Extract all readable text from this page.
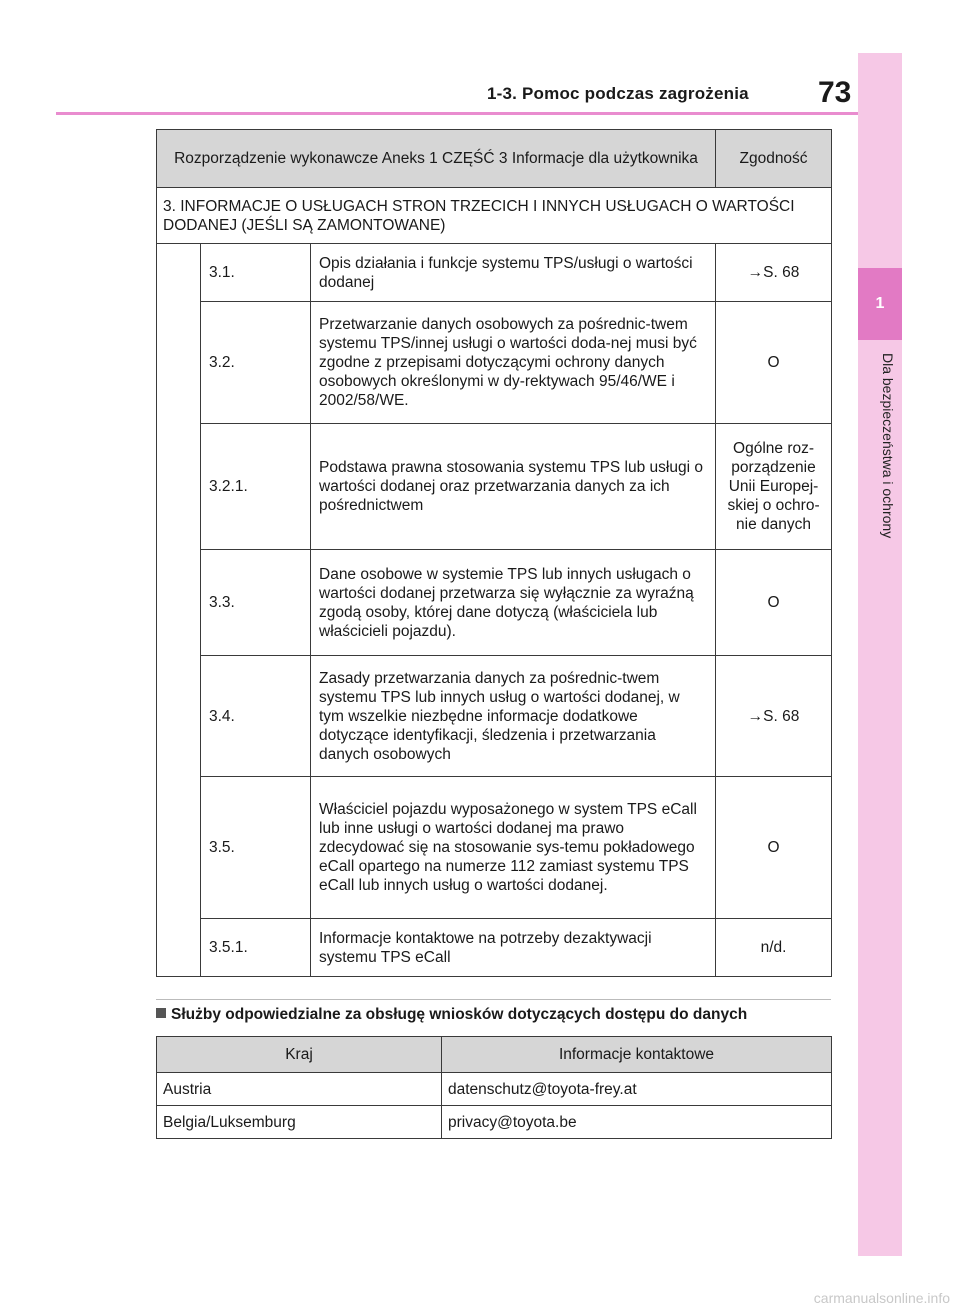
1-3. Pomoc podczas zagrożenia 73
1
Dla bezpieczeństwa i ochrony
Rozporządzenie wykonawcze Aneks 1 CZĘŚĆ 3 Informacje dla użytkownika			Zgodność
3. INFORMACJE O USŁUGACH STRON TRZECICH I INNYCH USŁUGACH O WARTOŚCI DODANEJ (JEŚLI SĄ ZAMONTOWANE)			
	3.1.	Opis działania i funkcje systemu TPS/usługi o wartości dodanej	→S. 68
	3.2.	Przetwarzanie danych osobowych za pośrednic-twem systemu TPS/innej usługi o wartości doda-nej musi być zgodne z przepisami dotyczącymi ochrony danych osobowych określonymi w dy-rektywach 95/46/WE i 2002/58/WE.	O
	3.2.1.	Podstawa prawna stosowania systemu TPS lub usługi o wartości dodanej oraz przetwarzania danych za ich pośrednictwem	Ogólne roz-porządzenie Unii Europej-skiej o ochro-nie danych
	3.3.	Dane osobowe w systemie TPS lub innych usługach o wartości dodanej przetwarza się wyłącznie za wyraźną zgodą osoby, której dane dotyczą (właściciela lub właścicieli pojazdu).	O
	3.4.	Zasady przetwarzania danych za pośrednic-twem systemu TPS lub innych usług o wartości dodanej, w tym wszelkie niezbędne informacje dodatkowe dotyczące identyfikacji, śledzenia i przetwarzania danych osobowych	→S. 68
	3.5.	Właściciel pojazdu wyposażonego w system TPS eCall lub inne usługi o wartości dodanej ma prawo zdecydować się na stosowanie sys-temu pokładowego eCall opartego na numerze 112 zamiast systemu TPS eCall lub innych usług o wartości dodanej.	O
	3.5.1.	Informacje kontaktowe na potrzeby dezaktywacji systemu TPS eCall	n/d.
Służby odpowiedzialne za obsługę wniosków dotyczących dostępu do danych
Kraj	Informacje kontaktowe
Austria	datenschutz@toyota-frey.at
Belgia/Luksemburg	privacy@toyota.be
carmanualsonline.info
